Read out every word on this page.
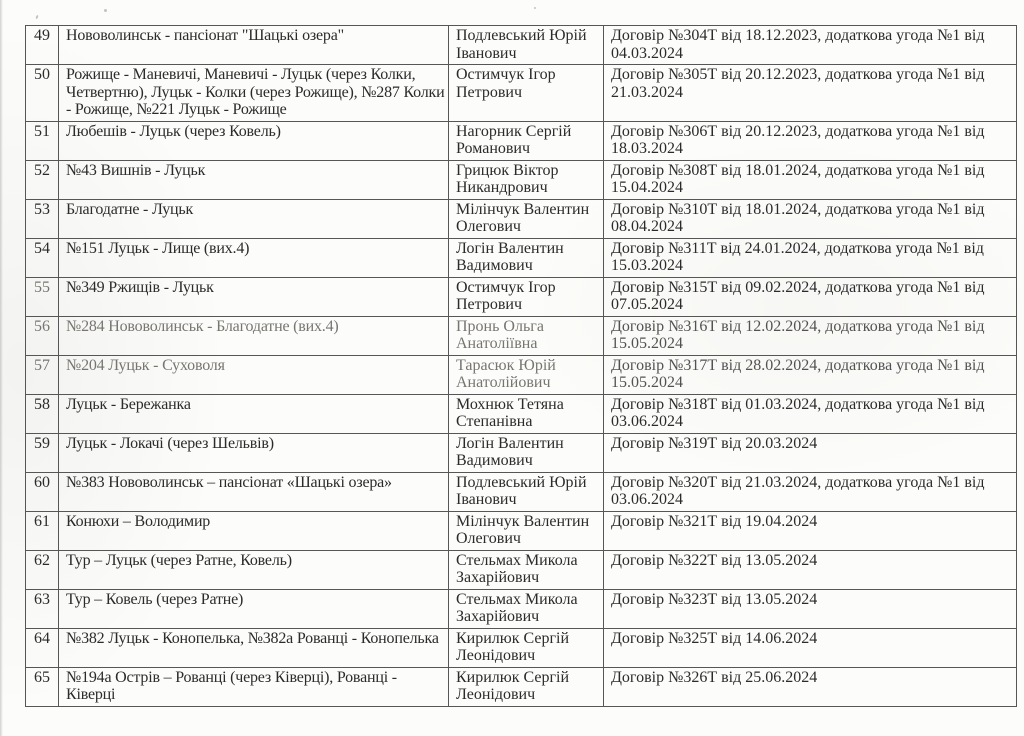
49	Нововолинськ - пансіонат "Шацькі озера"	Подлевський Юрій Іванович	Договір №304Т від 18.12.2023, додаткова угода №1 від 04.03.2024
50	Рожище - Маневичі, Маневичі - Луцьк (через Колки, Четвертню), Луцьк - Колки (через Рожище), №287 Колки - Рожище, №221 Луцьк - Рожище	Остимчук Ігор Петрович	Договір №305Т від 20.12.2023, додаткова угода №1 від 21.03.2024
51	Любешів - Луцьк (через Ковель)	Нагорник Сергій Романович	Договір №306Т від 20.12.2023, додаткова угода №1 від 18.03.2024
52	№43 Вишнів - Луцьк	Грицюк Віктор Никандрович	Договір №308Т від 18.01.2024, додаткова угода №1 від 15.04.2024
53	Благодатне - Луцьк	Мілінчук Валентин Олегович	Договір №310Т від 18.01.2024, додаткова угода №1 від 08.04.2024
54	№151 Луцьк - Лище (вих.4)	Логін Валентин Вадимович	Договір №311Т від 24.01.2024, додаткова угода №1 від 15.03.2024
55	№349 Ржищів - Луцьк	Остимчук Ігор Петрович	Договір №315Т від 09.02.2024, додаткова угода №1 від 07.05.2024
56	№284 Нововолинськ - Благодатне (вих.4)	Пронь Ольга Анатоліївна	Договір №316Т від 12.02.2024, додаткова угода №1 від 15.05.2024
57	№204 Луцьк - Суховоля	Тарасюк Юрій Анатолійович	Договір №317Т від 28.02.2024, додаткова угода №1 від 15.05.2024
58	Луцьк - Бережанка	Мохнюк Тетяна Степанівна	Договір №318Т від 01.03.2024, додаткова угода №1 від 03.06.2024
59	Луцьк - Локачі (через Шельвів)	Логін Валентин Вадимович	Договір №319Т від 20.03.2024
60	№383 Нововолинськ – пансіонат «Шацькі озера»	Подлевський Юрій Іванович	Договір №320Т від 21.03.2024, додаткова угода №1 від 03.06.2024
61	Конюхи – Володимир	Мілінчук Валентин Олегович	Договір №321Т від 19.04.2024
62	Тур – Луцьк (через Ратне, Ковель)	Стельмах Микола Захарійович	Договір №322Т від 13.05.2024
63	Тур – Ковель (через Ратне)	Стельмах Микола Захарійович	Договір №323Т від 13.05.2024
64	№382 Луцьк - Конопелька, №382а Рованці - Конопелька	Кирилюк Сергій Леонідович	Договір №325Т від 14.06.2024
65	№194а Острів – Рованці (через Ківерці), Рованці - Ківерці	Кирилюк Сергій Леонідович	Договір №326Т від 25.06.2024
